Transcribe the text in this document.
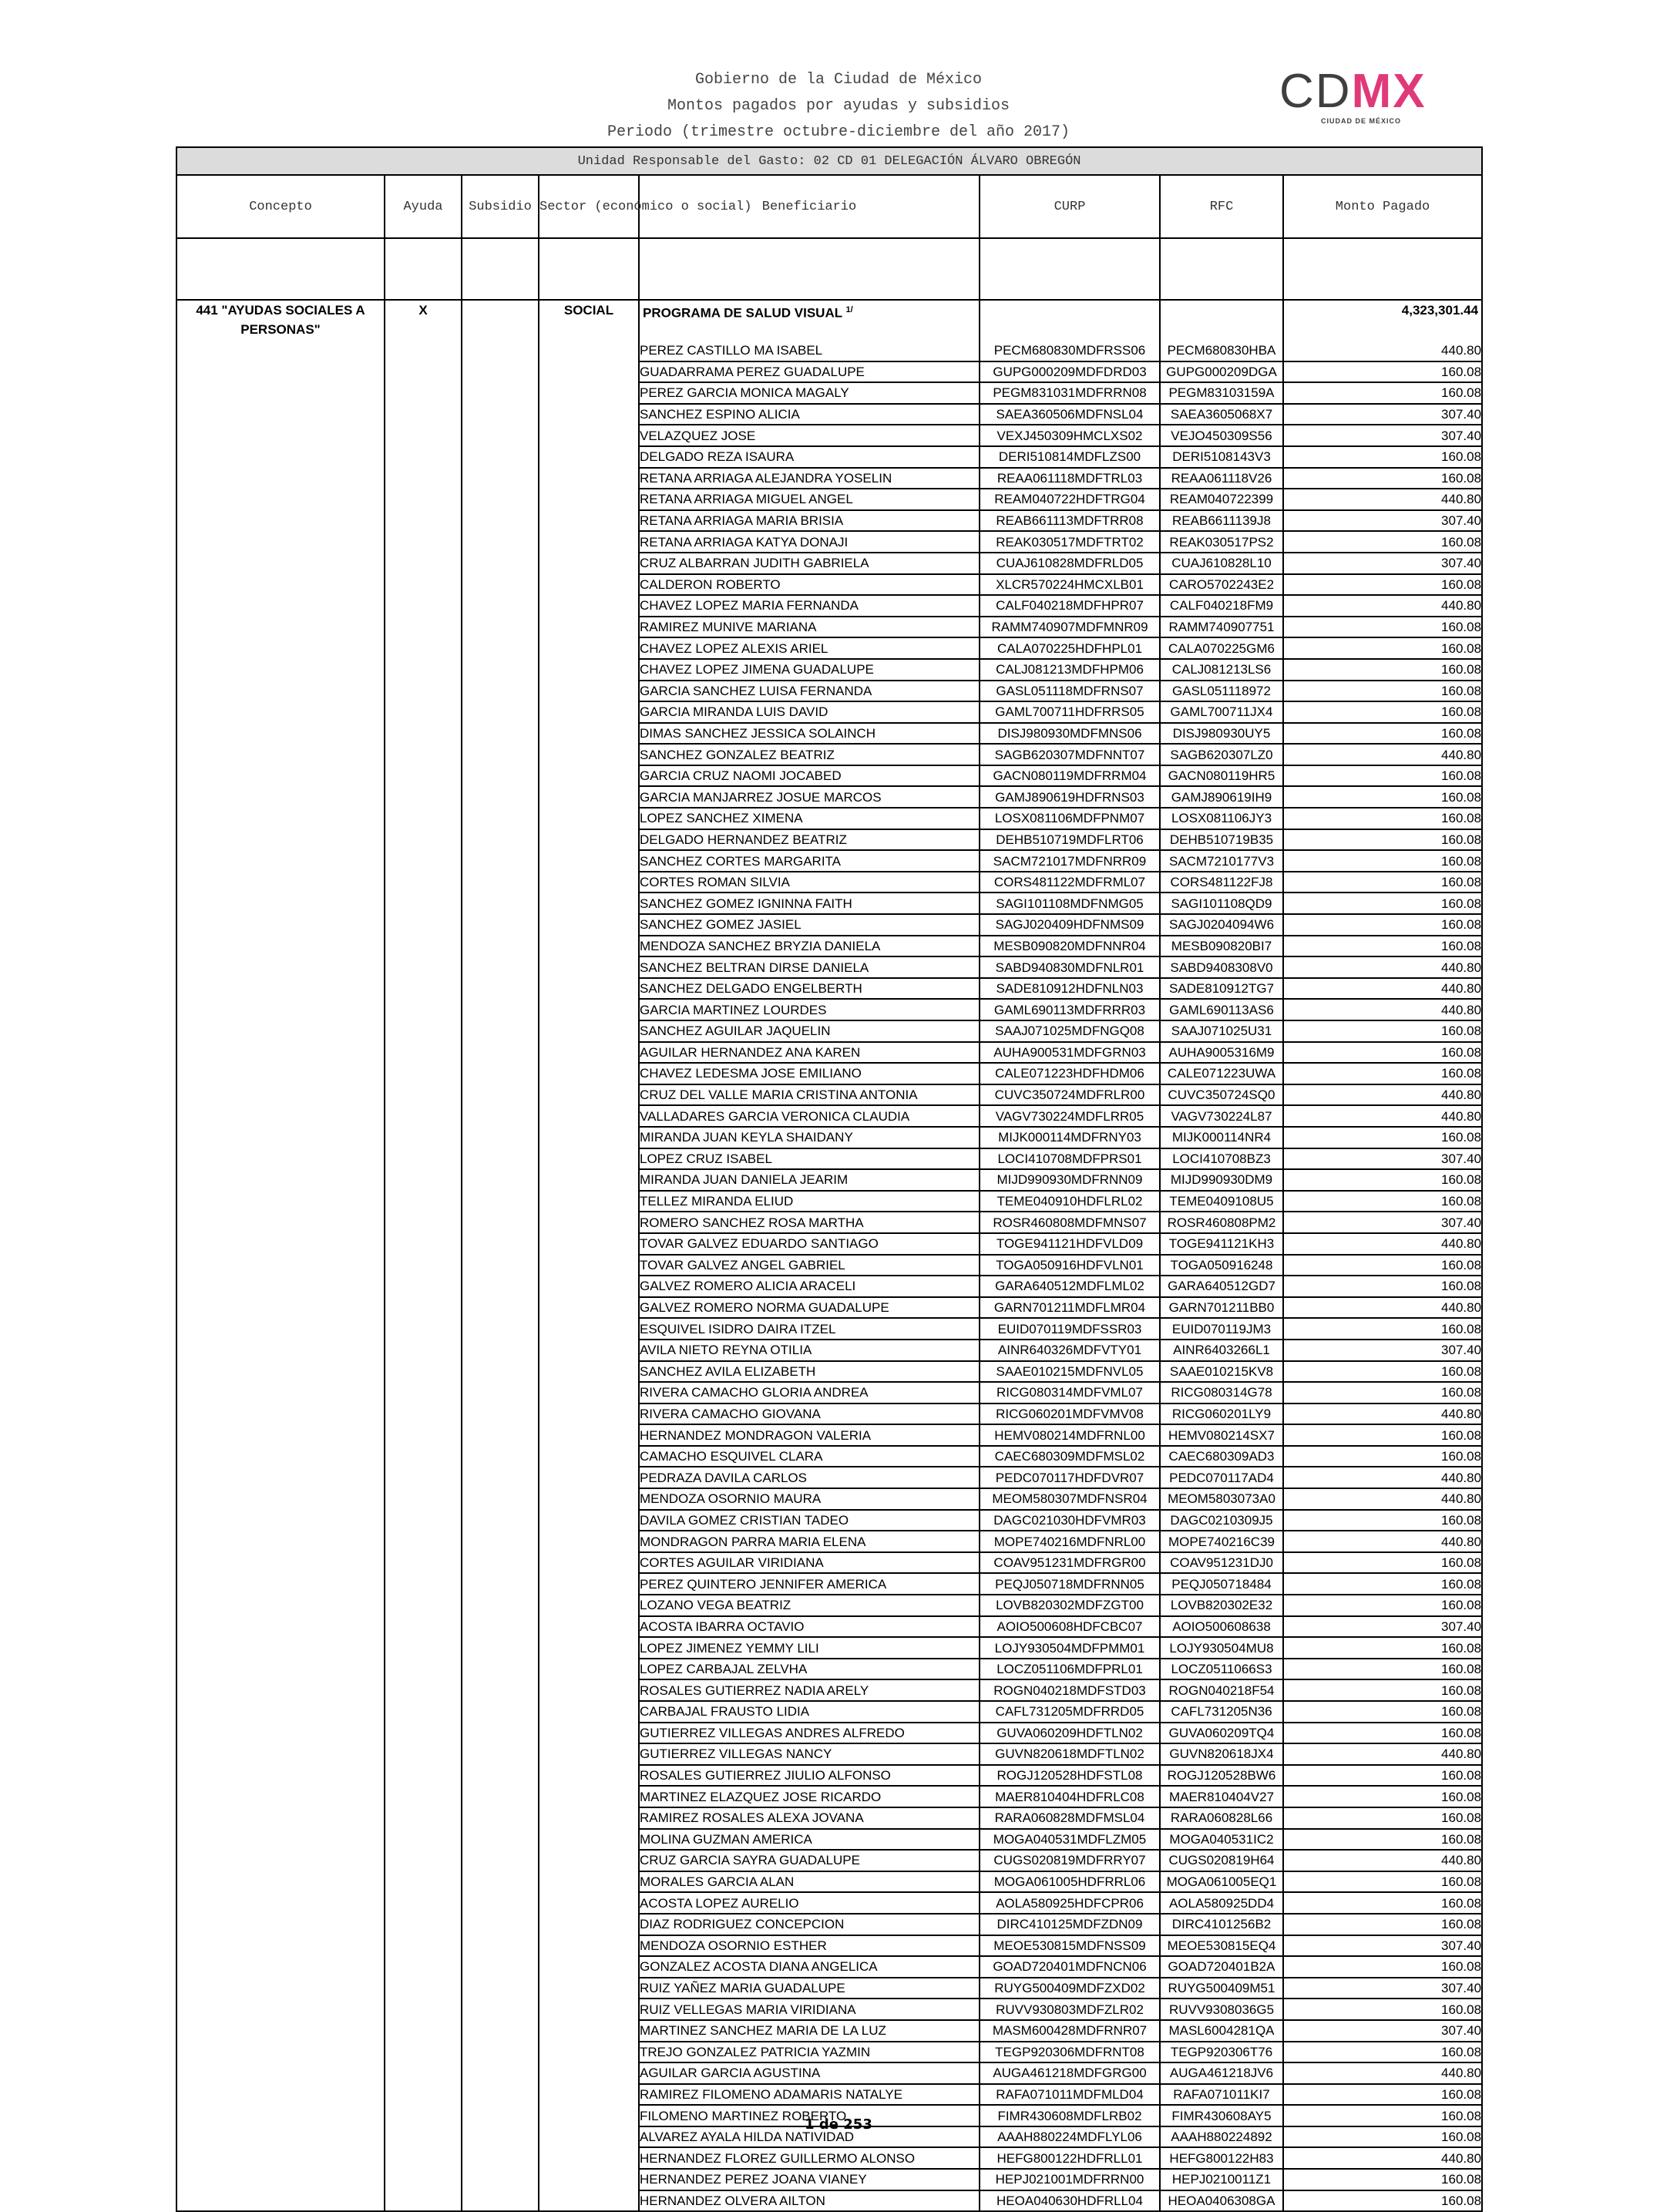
Gobierno de la Ciudad de México
Montos pagados por ayudas y subsidios
Periodo (trimestre octubre-diciembre del año 2017)
CDMX
CIUDAD DE MÉXICO
Unidad Responsable del Gasto: 02 CD 01 DELEGACIÓN ÁLVARO OBREGÓN							
Concepto	Ayuda	Subsidio	Sector (económico o social)	Beneficiario	CURP	RFC	Monto Pagado

441 "AYUDAS SOCIALES A PERSONAS"	X		SOCIAL	PROGRAMA DE SALUD VISUAL $^{1/}$			4,323,301.44
				PEREZ CASTILLO MA ISABEL	PECM680830MDFRSS06	PECM680830HBA	440.80
				GUADARRAMA PEREZ GUADALUPE	GUPG000209MDFDRD03	GUPG000209DGA	160.08
				PEREZ GARCIA MONICA MAGALY	PEGM831031MDFRRN08	PEGM83103159A	160.08
				SANCHEZ ESPINO ALICIA	SAEA360506MDFNSL04	SAEA3605068X7	307.40
				VELAZQUEZ JOSE	VEXJ450309HMCLXS02	VEJO450309S56	307.40
				DELGADO REZA ISAURA	DERI510814MDFLZS00	DERI5108143V3	160.08
				RETANA ARRIAGA ALEJANDRA YOSELIN	REAA061118MDFTRL03	REAA061118V26	160.08
				RETANA ARRIAGA MIGUEL ANGEL	REAM040722HDFTRG04	REAM040722399	440.80
				RETANA ARRIAGA MARIA BRISIA	REAB661113MDFTRR08	REAB6611139J8	307.40
				RETANA ARRIAGA KATYA DONAJI	REAK030517MDFTRT02	REAK030517PS2	160.08
				CRUZ ALBARRAN JUDITH GABRIELA	CUAJ610828MDFRLD05	CUAJ610828L10	307.40
				CALDERON ROBERTO	XLCR570224HMCXLB01	CARO5702243E2	160.08
				CHAVEZ LOPEZ MARIA FERNANDA	CALF040218MDFHPR07	CALF040218FM9	440.80
				RAMIREZ MUNIVE MARIANA	RAMM740907MDFMNR09	RAMM740907751	160.08
				CHAVEZ LOPEZ ALEXIS ARIEL	CALA070225HDFHPL01	CALA070225GM6	160.08
				CHAVEZ LOPEZ JIMENA GUADALUPE	CALJ081213MDFHPM06	CALJ081213LS6	160.08
				GARCIA SANCHEZ LUISA FERNANDA	GASL051118MDFRNS07	GASL051118972	160.08
				GARCIA MIRANDA LUIS DAVID	GAML700711HDFRRS05	GAML700711JX4	160.08
				DIMAS SANCHEZ JESSICA SOLAINCH	DISJ980930MDFMNS06	DISJ980930UY5	160.08
				SANCHEZ GONZALEZ BEATRIZ	SAGB620307MDFNNT07	SAGB620307LZ0	440.80
				GARCIA CRUZ NAOMI JOCABED	GACN080119MDFRRM04	GACN080119HR5	160.08
				GARCIA MANJARREZ JOSUE MARCOS	GAMJ890619HDFRNS03	GAMJ890619IH9	160.08
				LOPEZ SANCHEZ XIMENA	LOSX081106MDFPNM07	LOSX081106JY3	160.08
				DELGADO HERNANDEZ BEATRIZ	DEHB510719MDFLRT06	DEHB510719B35	160.08
				SANCHEZ CORTES MARGARITA	SACM721017MDFNRR09	SACM7210177V3	160.08
				CORTES ROMAN SILVIA	CORS481122MDFRML07	CORS481122FJ8	160.08
				SANCHEZ GOMEZ IGNINNA FAITH	SAGI101108MDFNMG05	SAGI101108QD9	160.08
				SANCHEZ GOMEZ JASIEL	SAGJ020409HDFNMS09	SAGJ0204094W6	160.08
				MENDOZA SANCHEZ BRYZIA DANIELA	MESB090820MDFNNR04	MESB090820BI7	160.08
				SANCHEZ BELTRAN DIRSE DANIELA	SABD940830MDFNLR01	SABD9408308V0	440.80
				SANCHEZ DELGADO ENGELBERTH	SADE810912HDFNLN03	SADE810912TG7	440.80
				GARCIA MARTINEZ LOURDES	GAML690113MDFRRR03	GAML690113AS6	440.80
				SANCHEZ AGUILAR JAQUELIN	SAAJ071025MDFNGQ08	SAAJ071025U31	160.08
				AGUILAR HERNANDEZ ANA KAREN	AUHA900531MDFGRN03	AUHA9005316M9	160.08
				CHAVEZ LEDESMA JOSE EMILIANO	CALE071223HDFHDM06	CALE071223UWA	160.08
				CRUZ DEL VALLE MARIA CRISTINA ANTONIA	CUVC350724MDFRLR00	CUVC350724SQ0	440.80
				VALLADARES GARCIA VERONICA CLAUDIA	VAGV730224MDFLRR05	VAGV730224L87	440.80
				MIRANDA JUAN KEYLA SHAIDANY	MIJK000114MDFRNY03	MIJK000114NR4	160.08
				LOPEZ CRUZ ISABEL	LOCI410708MDFPRS01	LOCI410708BZ3	307.40
				MIRANDA JUAN DANIELA JEARIM	MIJD990930MDFRNN09	MIJD990930DM9	160.08
				TELLEZ MIRANDA ELIUD	TEME040910HDFLRL02	TEME0409108U5	160.08
				ROMERO SANCHEZ ROSA MARTHA	ROSR460808MDFMNS07	ROSR460808PM2	307.40
				TOVAR GALVEZ EDUARDO SANTIAGO	TOGE941121HDFVLD09	TOGE941121KH3	440.80
				TOVAR GALVEZ ANGEL GABRIEL	TOGA050916HDFVLN01	TOGA050916248	160.08
				GALVEZ ROMERO ALICIA ARACELI	GARA640512MDFLML02	GARA640512GD7	160.08
				GALVEZ ROMERO NORMA GUADALUPE	GARN701211MDFLMR04	GARN701211BB0	440.80
				ESQUIVEL ISIDRO DAIRA ITZEL	EUID070119MDFSSR03	EUID070119JM3	160.08
				AVILA NIETO REYNA OTILIA	AINR640326MDFVTY01	AINR6403266L1	307.40
				SANCHEZ AVILA ELIZABETH	SAAE010215MDFNVL05	SAAE010215KV8	160.08
				RIVERA CAMACHO GLORIA ANDREA	RICG080314MDFVML07	RICG080314G78	160.08
				RIVERA CAMACHO GIOVANA	RICG060201MDFVMV08	RICG060201LY9	440.80
				HERNANDEZ MONDRAGON VALERIA	HEMV080214MDFRNL00	HEMV080214SX7	160.08
				CAMACHO ESQUIVEL CLARA	CAEC680309MDFMSL02	CAEC680309AD3	160.08
				PEDRAZA DAVILA CARLOS	PEDC070117HDFDVR07	PEDC070117AD4	440.80
				MENDOZA OSORNIO MAURA	MEOM580307MDFNSR04	MEOM5803073A0	440.80
				DAVILA GOMEZ CRISTIAN TADEO	DAGC021030HDFVMR03	DAGC0210309J5	160.08
				MONDRAGON PARRA MARIA ELENA	MOPE740216MDFNRL00	MOPE740216C39	440.80
				CORTES AGUILAR VIRIDIANA	COAV951231MDFRGR00	COAV951231DJ0	160.08
				PEREZ QUINTERO JENNIFER AMERICA	PEQJ050718MDFRNN05	PEQJ050718484	160.08
				LOZANO VEGA BEATRIZ	LOVB820302MDFZGT00	LOVB820302E32	160.08
				ACOSTA IBARRA OCTAVIO	AOIO500608HDFCBC07	AOIO500608638	307.40
				LOPEZ JIMENEZ YEMMY LILI	LOJY930504MDFPMM01	LOJY930504MU8	160.08
				LOPEZ CARBAJAL ZELVHA	LOCZ051106MDFPRL01	LOCZ0511066S3	160.08
				ROSALES GUTIERREZ NADIA ARELY	ROGN040218MDFSTD03	ROGN040218F54	160.08
				CARBAJAL FRAUSTO LIDIA	CAFL731205MDFRRD05	CAFL731205N36	160.08
				GUTIERREZ VILLEGAS ANDRES ALFREDO	GUVA060209HDFTLN02	GUVA060209TQ4	160.08
				GUTIERREZ VILLEGAS NANCY	GUVN820618MDFTLN02	GUVN820618JX4	440.80
				ROSALES GUTIERREZ JIULIO ALFONSO	ROGJ120528HDFSTL08	ROGJ120528BW6	160.08
				MARTINEZ ELAZQUEZ JOSE RICARDO	MAER810404HDFRLC08	MAER810404V27	160.08
				RAMIREZ ROSALES ALEXA JOVANA	RARA060828MDFMSL04	RARA060828L66	160.08
				MOLINA GUZMAN AMERICA	MOGA040531MDFLZM05	MOGA040531IC2	160.08
				CRUZ GARCIA SAYRA GUADALUPE	CUGS020819MDFRRY07	CUGS020819H64	440.80
				MORALES GARCIA ALAN	MOGA061005HDFRRL06	MOGA061005EQ1	160.08
				ACOSTA LOPEZ AURELIO	AOLA580925HDFCPR06	AOLA580925DD4	160.08
				DIAZ RODRIGUEZ CONCEPCION	DIRC410125MDFZDN09	DIRC4101256B2	160.08
				MENDOZA OSORNIO ESTHER	MEOE530815MDFNSS09	MEOE530815EQ4	307.40
				GONZALEZ ACOSTA DIANA ANGELICA	GOAD720401MDFNCN06	GOAD720401B2A	160.08
				RUIZ YAÑEZ MARIA GUADALUPE	RUYG500409MDFZXD02	RUYG500409M51	307.40
				RUIZ VELLEGAS MARIA VIRIDIANA	RUVV930803MDFZLR02	RUVV9308036G5	160.08
				MARTINEZ SANCHEZ MARIA DE LA LUZ	MASM600428MDFRNR07	MASL6004281QA	307.40
				TREJO GONZALEZ PATRICIA YAZMIN	TEGP920306MDFRNT08	TEGP920306T76	160.08
				AGUILAR GARCIA AGUSTINA	AUGA461218MDFGRG00	AUGA461218JV6	440.80
				RAMIREZ FILOMENO ADAMARIS NATALYE	RAFA071011MDFMLD04	RAFA071011KI7	160.08
				FILOMENO MARTINEZ ROBERTO	FIMR430608MDFLRB02	FIMR430608AY5	160.08
				ALVAREZ AYALA HILDA NATIVIDAD	AAAH880224MDFLYL06	AAAH880224892	160.08
				HERNANDEZ FLOREZ GUILLERMO ALONSO	HEFG800122HDFRLL01	HEFG800122H83	440.80
				HERNANDEZ PEREZ JOANA VIANEY	HEPJ021001MDFRRN00	HEPJ0210011Z1	160.08
				HERNANDEZ OLVERA AILTON	HEOA040630HDFRLL04	HEOA0406308GA	160.08
1 de 253
